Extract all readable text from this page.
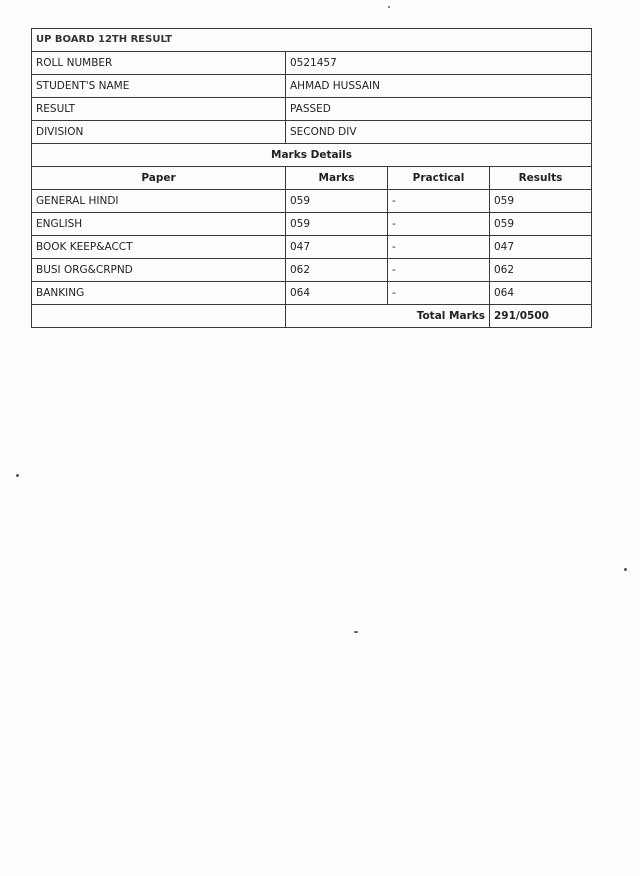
UP BOARD 12TH RESULT			
ROLL NUMBER	0521457		
STUDENT'S NAME	AHMAD HUSSAIN		
RESULT	PASSED		
DIVISION	SECOND DIV		
Marks Details			
Paper	Marks	Practical	Results
GENERAL HINDI	059	-	059
ENGLISH	059	-	059
BOOK KEEP&ACCT	047	-	047
BUSI ORG&CRPND	062	-	062
BANKING	064	-	064
	Total Marks		291/0500
